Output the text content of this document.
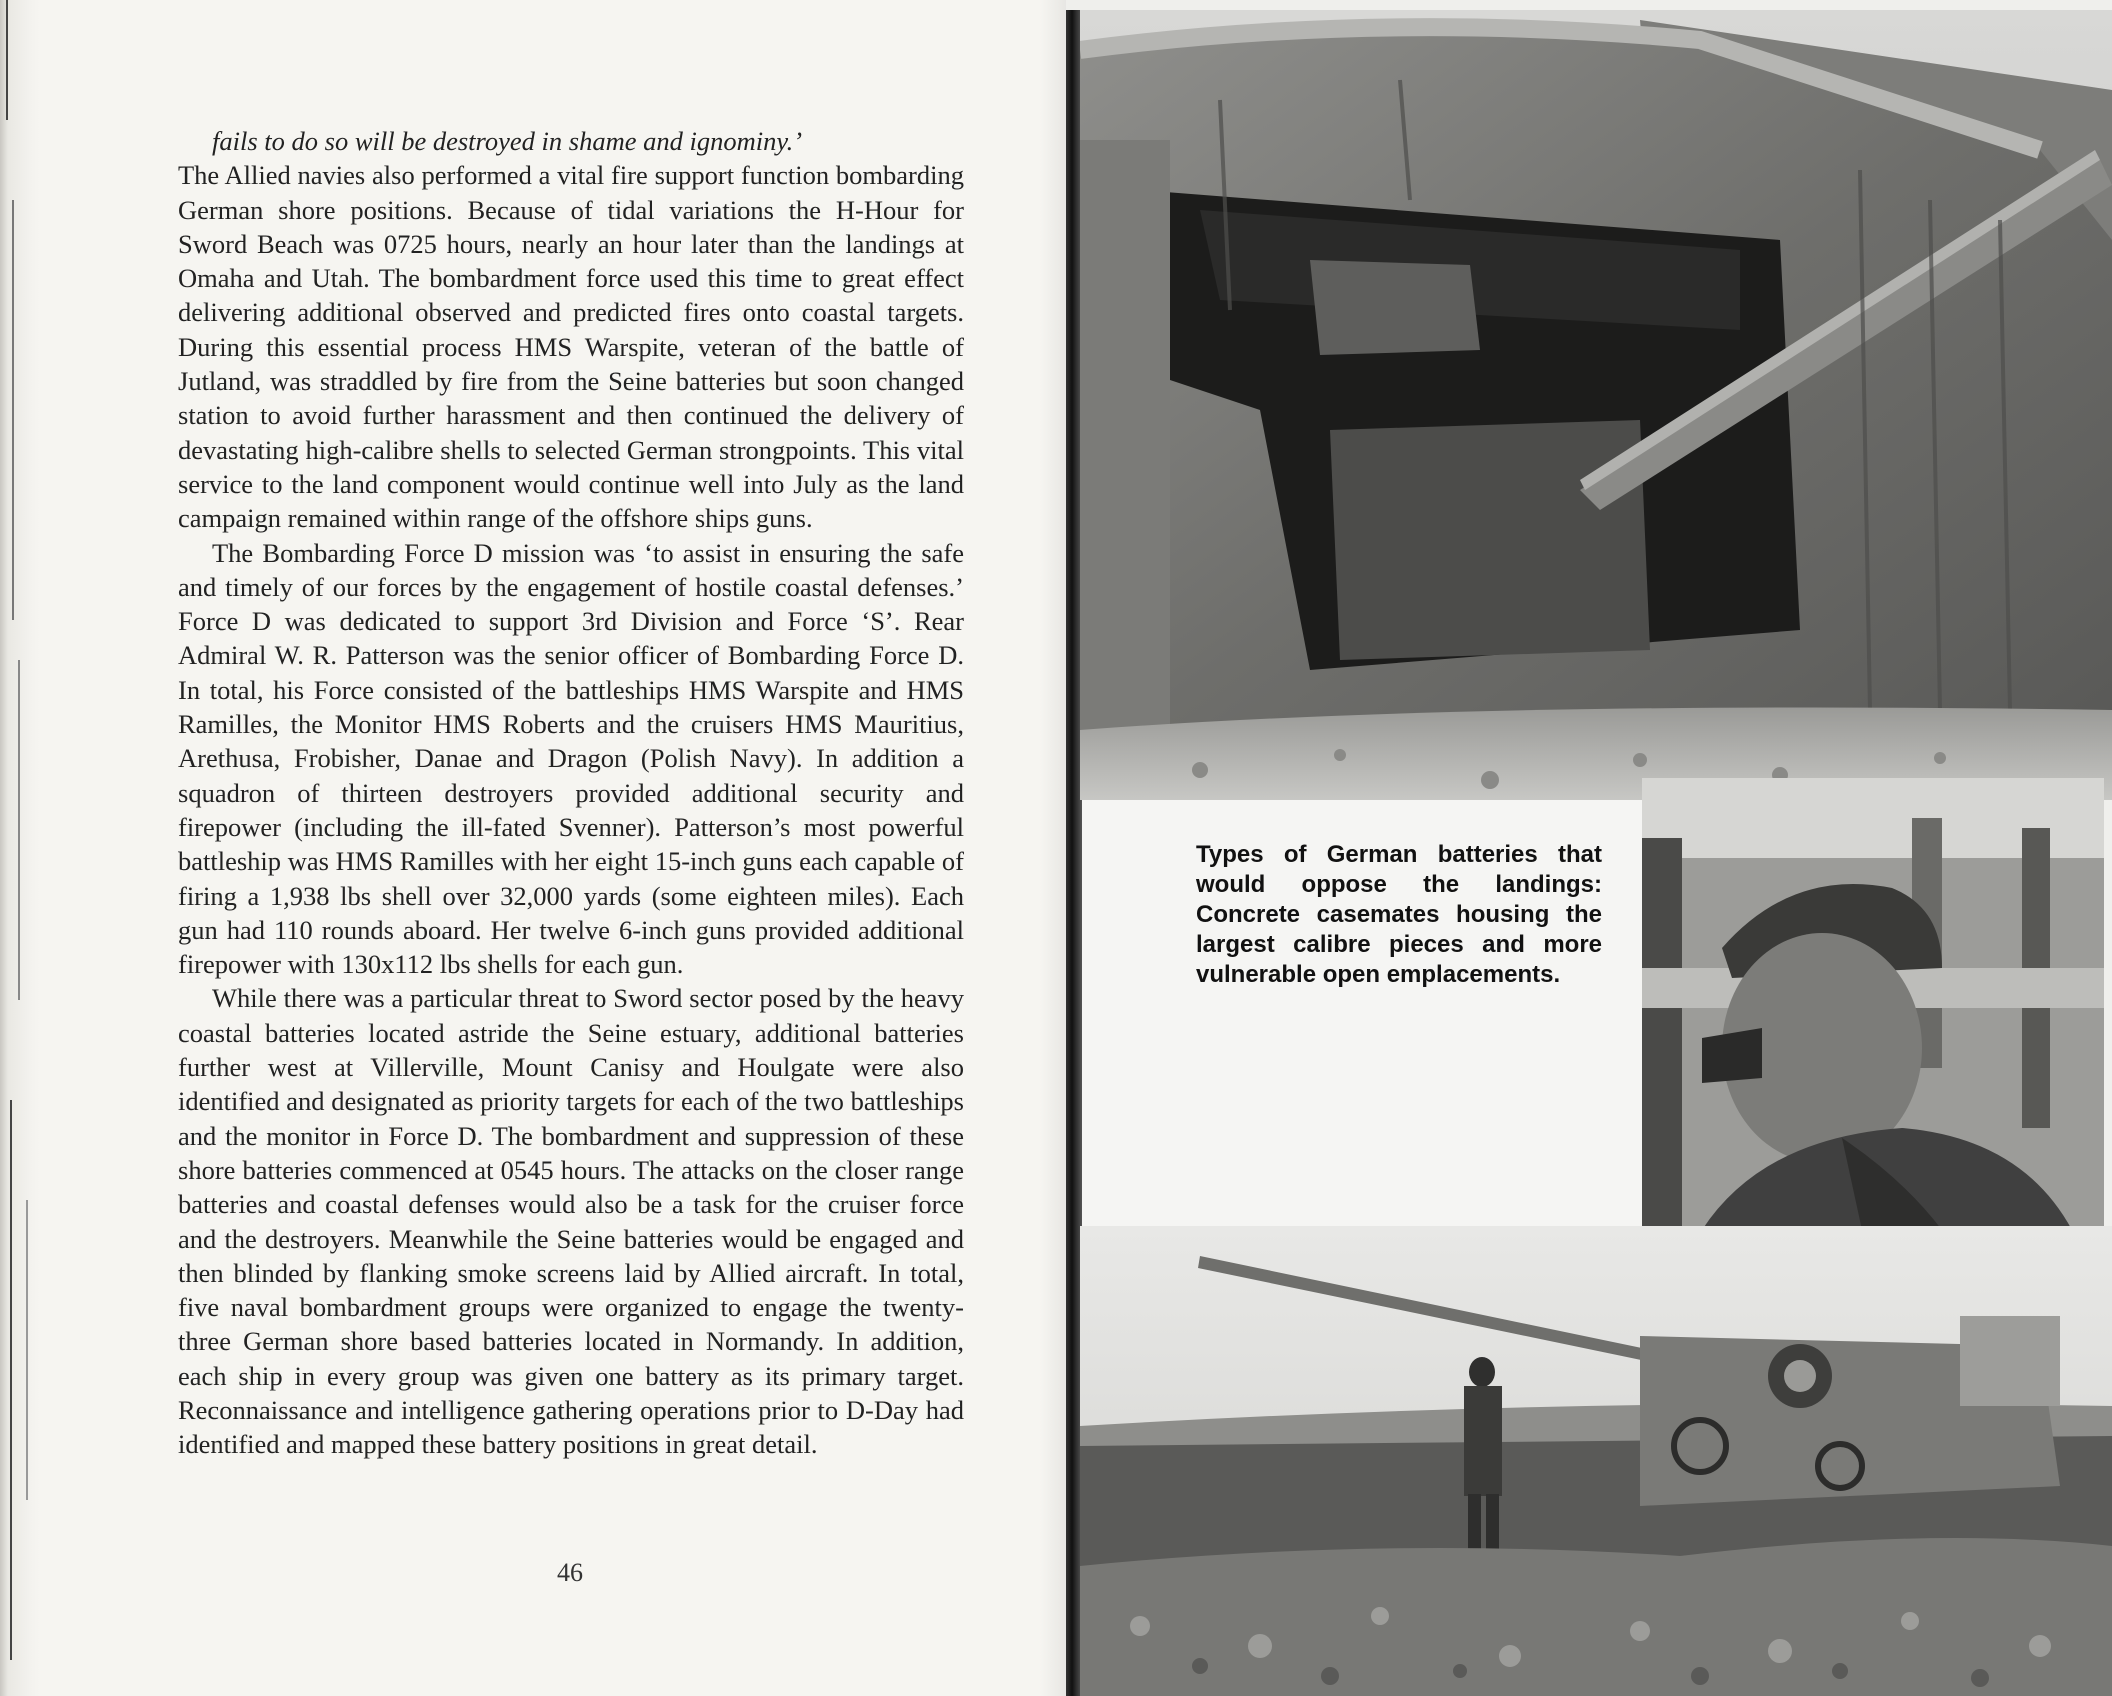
fails to do so will be destroyed in shame and ignominy.’

The Allied navies also performed a vital fire support function bombarding German shore positions. Because of tidal variations the H-Hour for Sword Beach was 0725 hours, nearly an hour later than the landings at Omaha and Utah. The bombardment force used this time to great effect delivering additional observed and predicted fires onto coastal targets. During this essential process HMS Warspite, veteran of the battle of Jutland, was straddled by fire from the Seine batteries but soon changed station to avoid further harassment and then continued the delivery of devastating high-calibre shells to selected German strongpoints. This vital service to the land component would continue well into July as the land campaign remained within range of the offshore ships guns.

The Bombarding Force D mission was ‘to assist in ensuring the safe and timely of our forces by the engagement of hostile coastal defenses.’ Force D was dedicated to support 3rd Division and Force ‘S’. Rear Admiral W. R. Patterson was the senior officer of Bombarding Force D. In total, his Force consisted of the battleships HMS Warspite and HMS Ramilles, the Monitor HMS Roberts and the cruisers HMS Mauritius, Arethusa, Frobisher, Danae and Dragon (Polish Navy). In addition a squadron of thirteen destroyers provided additional security and firepower (including the ill-fated Svenner). Patterson’s most powerful battleship was HMS Ramilles with her eight 15-inch guns each capable of firing a 1,938 lbs shell over 32,000 yards (some eighteen miles). Each gun had 110 rounds aboard. Her twelve 6-inch guns provided additional firepower with 130x112 lbs shells for each gun.

While there was a particular threat to Sword sector posed by the heavy coastal batteries located astride the Seine estuary, additional batteries further west at Villerville, Mount Canisy and Houlgate were also identified and designated as priority targets for each of the two battleships and the monitor in Force D. The bombardment and suppression of these shore batteries commenced at 0545 hours. The attacks on the closer range batteries and coastal defenses would also be a task for the cruiser force and the destroyers. Meanwhile the Seine batteries would be engaged and then blinded by flanking smoke screens laid by Allied aircraft. In total, five naval bombardment groups were organized to engage the twenty-three German shore based batteries located in Normandy. In addition, each ship in every group was given one battery as its primary target. Reconnaissance and intelligence gathering operations prior to D-Day had identified and mapped these battery positions in great detail.

46
Types of German batteries that would oppose the landings: Concrete casemates housing the largest calibre pieces and more vulnerable open emplacements.
